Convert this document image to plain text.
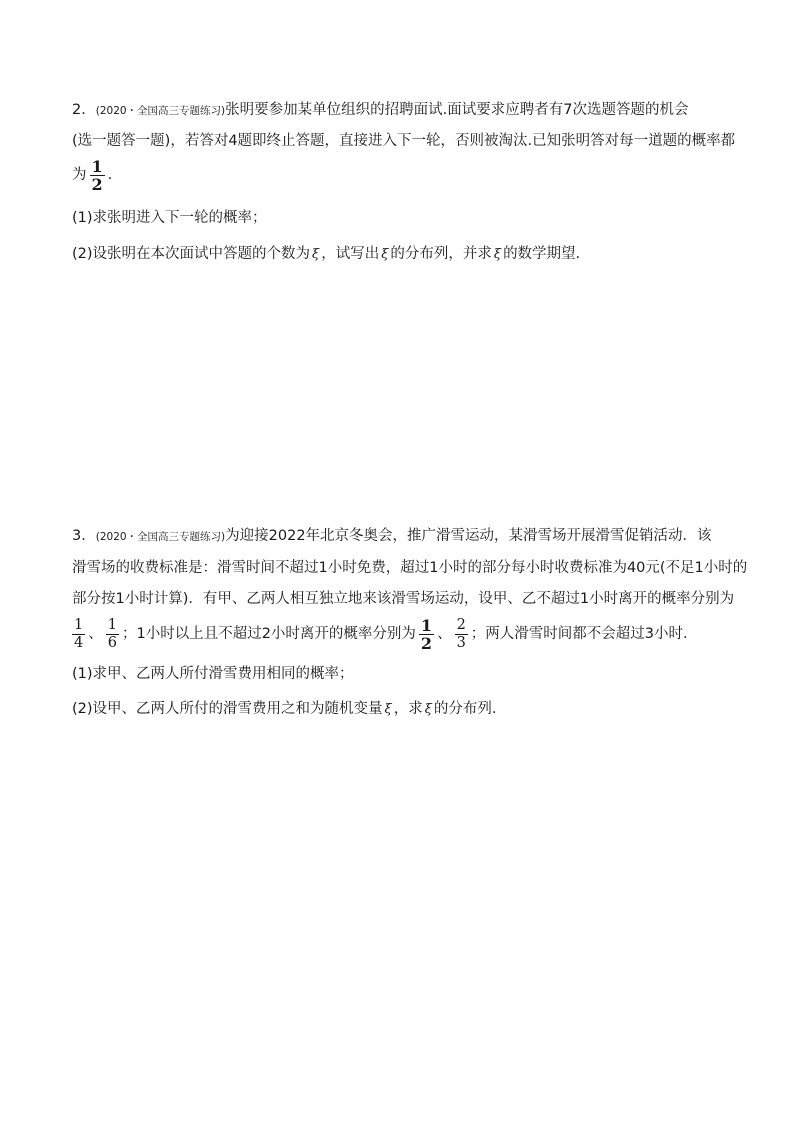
2．(2020・全国高三专题练习)张明要参加某单位组织的招聘面试.面试要求应聘者有7次选题答题的机会
(选一题答一题)，若答对4题即终止答题，直接进入下一轮，否则被淘汰.已知张明答对每一道题的概率都
为 $\frac{1}{2}$ .
(1)求张明进入下一轮的概率；
(2)设张明在本次面试中答题的个数为 ξ ，试写出 ξ 的分布列，并求 ξ 的数学期望.
3．(2020・全国高三专题练习)为迎接2022年北京冬奥会，推广滑雪运动，某滑雪场开展滑雪促销活动．该
滑雪场的收费标准是：滑雪时间不超过1小时免费，超过1小时的部分每小时收费标准为40元(不足1小时的
部分按1小时计算)．有甲、乙两人相互独立地来该滑雪场运动，设甲、乙不超过1小时离开的概率分别为
$\frac{1}{4}$ 、 $\frac{1}{6}$ ；1小时以上且不超过2小时离开的概率分别为 $\frac{1}{2}$ 、 $\frac{2}{3}$ ；两人滑雪时间都不会超过3小时．
(1)求甲、乙两人所付滑雪费用相同的概率；
(2)设甲、乙两人所付的滑雪费用之和为随机变量 ξ ，求 ξ 的分布列.
